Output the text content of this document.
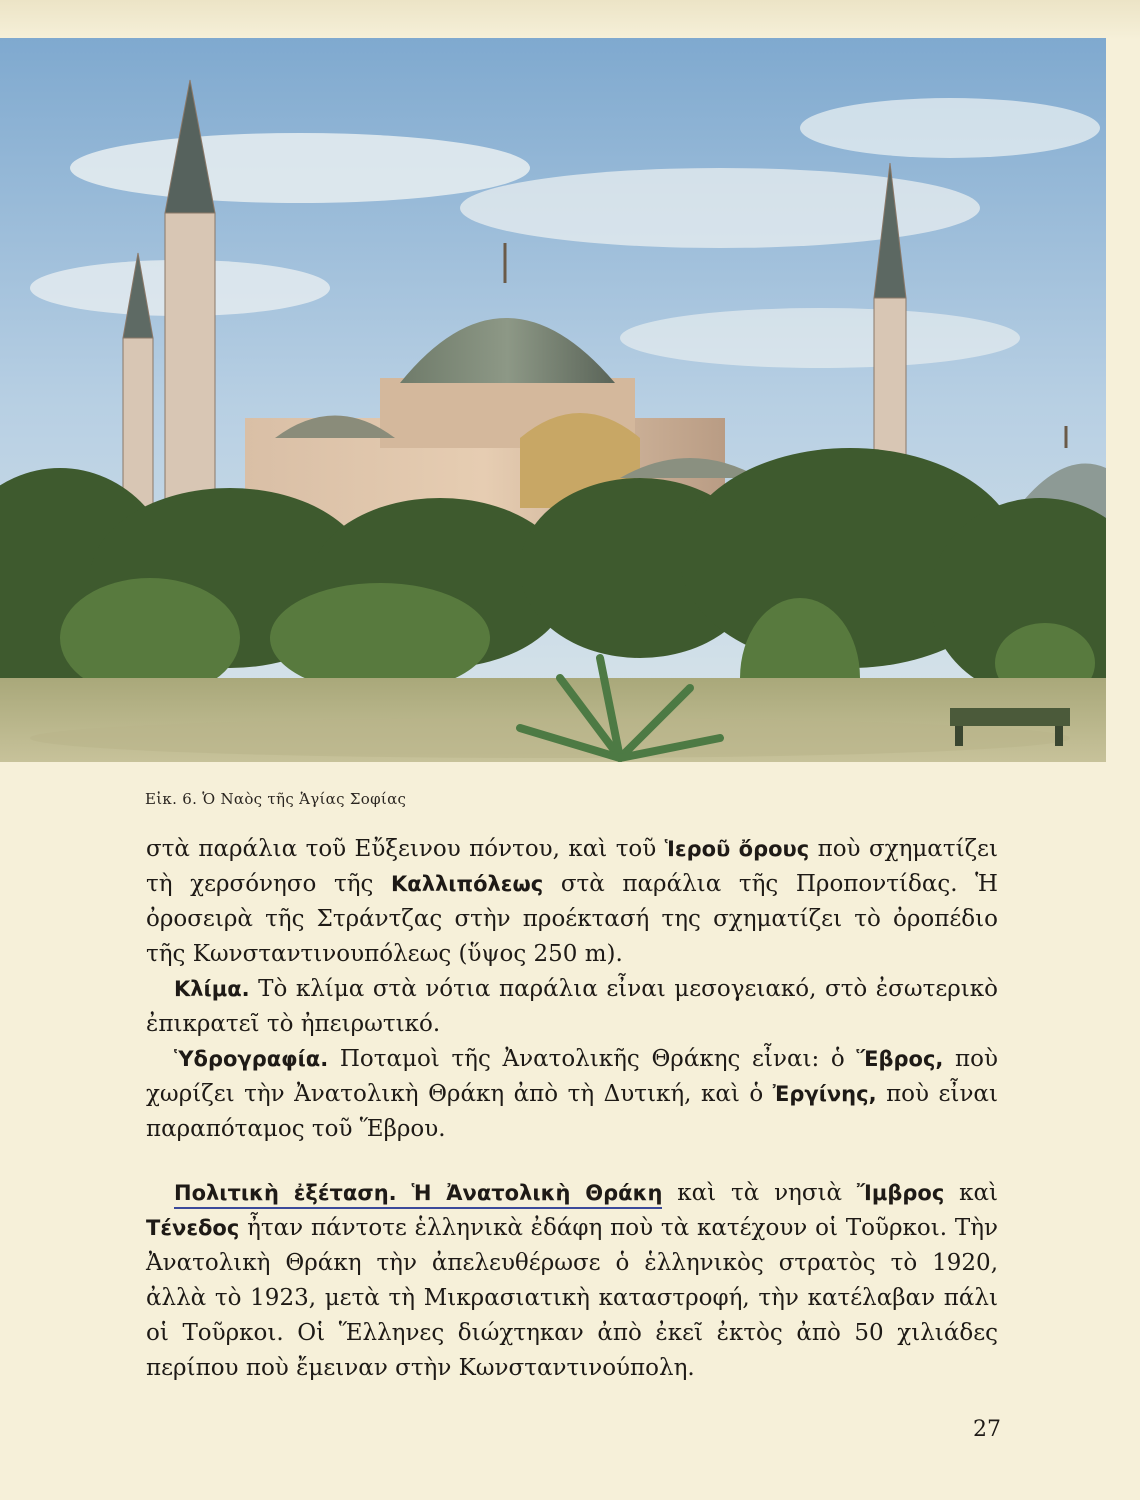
Εἰκ. 6. Ὁ Ναὸς τῆς Ἁγίας Σοφίας

στὰ παράλια τοῦ Εὔξεινου πόντου, καὶ τοῦ Ἱεροῦ ὄρους ποὺ σχηματίζει τὴ χερσόνησο τῆς Καλλιπόλεως στὰ παράλια τῆς Προποντίδας. Ἡ ὀροσειρὰ τῆς Στράντζας στὴν προέκτασή της σχηματίζει τὸ ὀροπέδιο τῆς Κωνσταντινουπόλεως (ὕψος 250 m).

Κλίμα. Τὸ κλίμα στὰ νότια παράλια εἶναι μεσογειακό, στὸ ἐσωτερικὸ ἐπικρατεῖ τὸ ἠπειρωτικό.

Ὑδρογραφία. Ποταμοὶ τῆς Ἀνατολικῆς Θράκης εἶναι: ὁ Ἕβρος, ποὺ χωρίζει τὴν Ἀνατολικὴ Θράκη ἀπὸ τὴ Δυτική, καὶ ὁ Ἐργίνης, ποὺ εἶναι παραπόταμος τοῦ Ἕβρου.

Πολιτικὴ ἐξέταση. Ἡ Ἀνατολικὴ Θράκη καὶ τὰ νησιὰ Ἴμβρος καὶ Τένεδος ἦταν πάντοτε ἑλληνικὰ ἐδάφη ποὺ τὰ κατέχουν οἱ Τοῦρκοι. Τὴν Ἀνατολικὴ Θράκη τὴν ἀπελευθέρωσε ὁ ἑλληνικὸς στρατὸς τὸ 1920, ἀλλὰ τὸ 1923, μετὰ τὴ Μικρασιατικὴ καταστροφή, τὴν κατέλαβαν πάλι οἱ Τοῦρκοι. Οἱ Ἕλληνες διώχτηκαν ἀπὸ ἐκεῖ ἐκτὸς ἀπὸ 50 χιλιάδες περίπου ποὺ ἔμειναν στὴν Κωνσταντινούπολη.

27
